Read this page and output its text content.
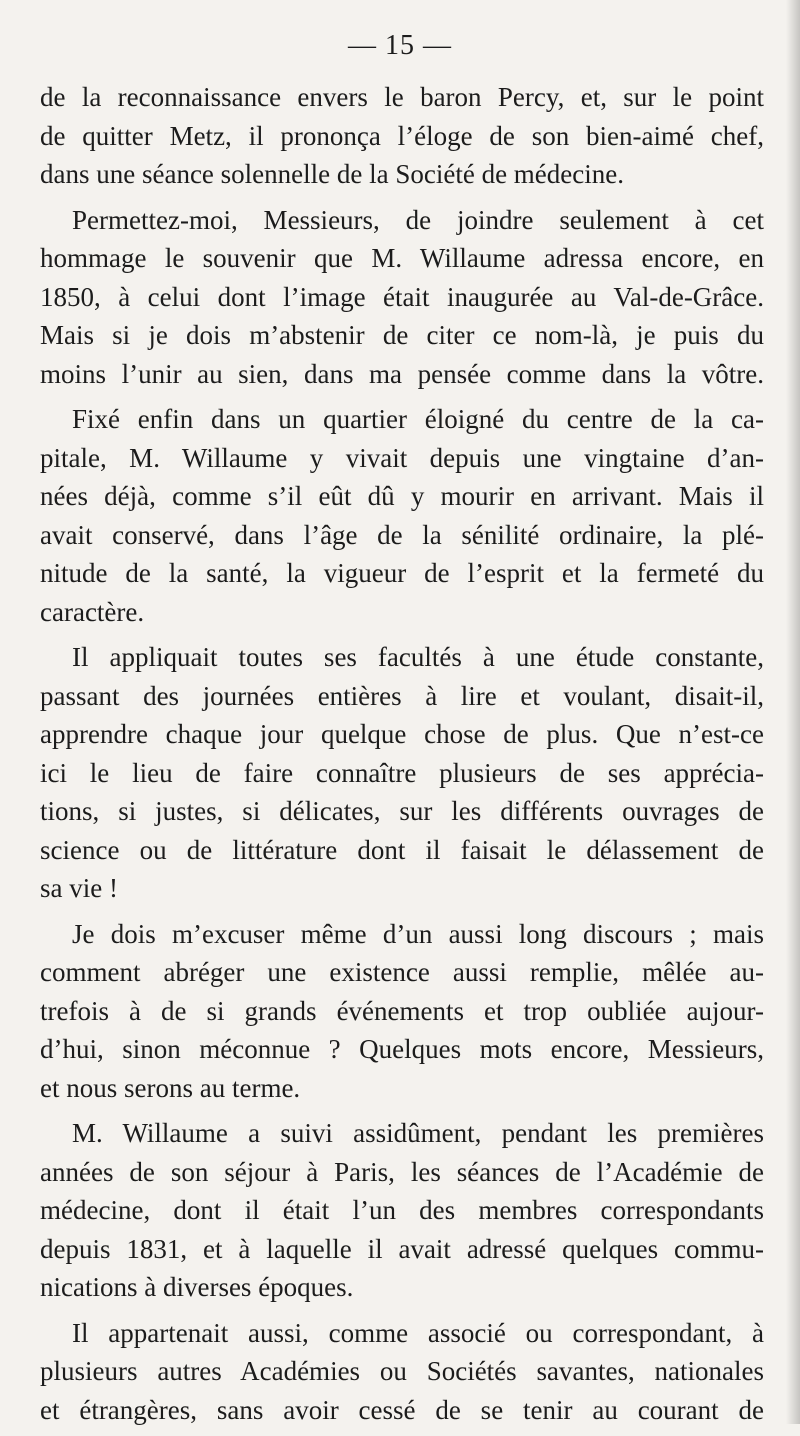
— 15 —

de la reconnaissance envers le baron Percy, et, sur le point
de quitter Metz, il prononça l’éloge de son bien-aimé chef,
dans une séance solennelle de la Société de médecine.

Permettez-moi, Messieurs, de joindre seulement à cet
hommage le souvenir que M. Willaume adressa encore, en
1850, à celui dont l’image était inaugurée au Val-de-Grâce.
Mais si je dois m’abstenir de citer ce nom-là, je puis du
moins l’unir au sien, dans ma pensée comme dans la vôtre.

Fixé enfin dans un quartier éloigné du centre de la ca-
pitale, M. Willaume y vivait depuis une vingtaine d’an-
nées déjà, comme s’il eût dû y mourir en arrivant. Mais il
avait conservé, dans l’âge de la sénilité ordinaire, la plé-
nitude de la santé, la vigueur de l’esprit et la fermeté du
caractère.

Il appliquait toutes ses facultés à une étude constante,
passant des journées entières à lire et voulant, disait-il,
apprendre chaque jour quelque chose de plus. Que n’est-ce
ici le lieu de faire connaître plusieurs de ses apprécia-
tions, si justes, si délicates, sur les différents ouvrages de
science ou de littérature dont il faisait le délassement de
sa vie !

Je dois m’excuser même d’un aussi long discours ; mais
comment abréger une existence aussi remplie, mêlée au-
trefois à de si grands événements et trop oubliée aujour-
d’hui, sinon méconnue ? Quelques mots encore, Messieurs,
et nous serons au terme.

M. Willaume a suivi assidûment, pendant les premières
années de son séjour à Paris, les séances de l’Académie de
médecine, dont il était l’un des membres correspondants
depuis 1831, et à laquelle il avait adressé quelques commu-
nications à diverses époques.

Il appartenait aussi, comme associé ou correspondant, à
plusieurs autres Académies ou Sociétés savantes, nationales
et étrangères, sans avoir cessé de se tenir au courant de
